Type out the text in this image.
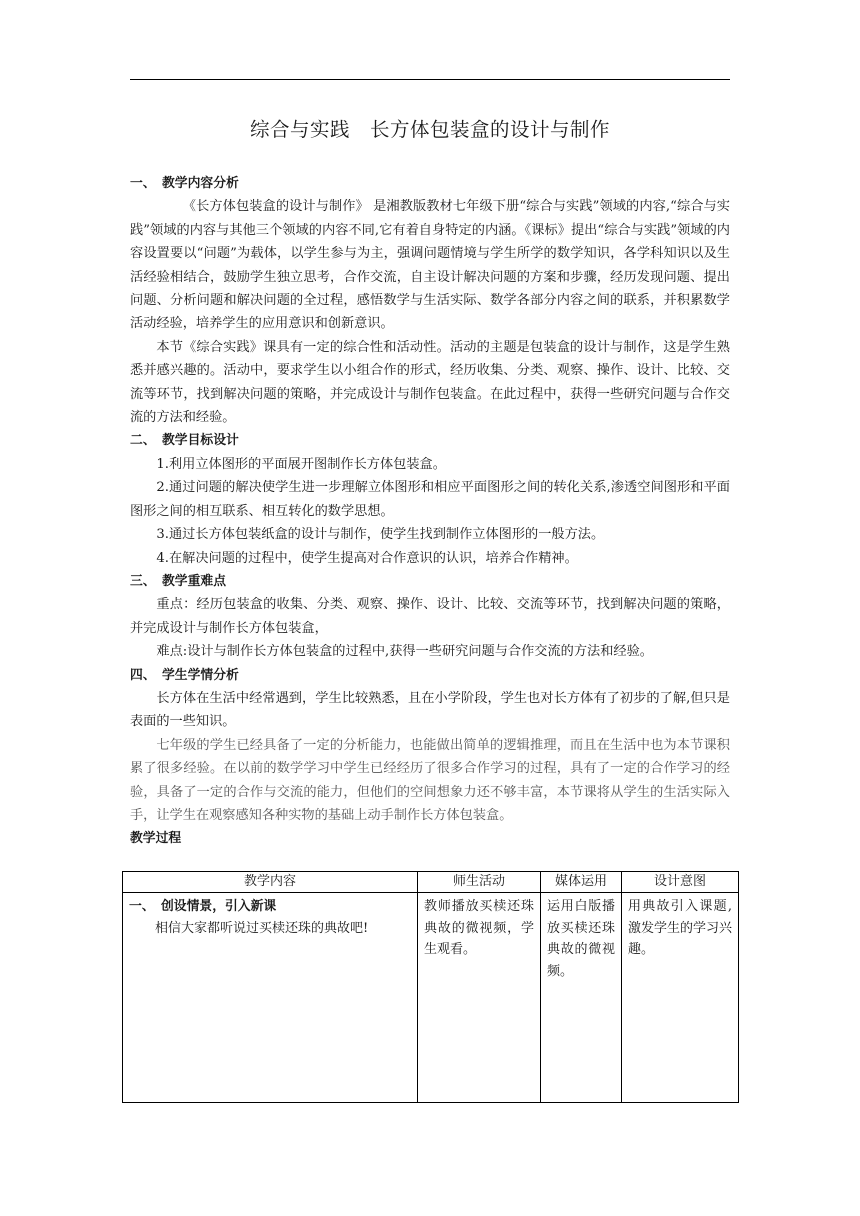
综合与实践　长方体包装盒的设计与制作

一、 教学内容分析

《长方体包装盒的设计与制作》 是湘教版教材七年级下册“综合与实践”领域的内容,“综合与实践”领域的内容与其他三个领域的内容不同,它有着自身特定的内涵。《课标》提出“综合与实践”领域的内容设置要以“问题”为载体，以学生参与为主，强调问题情境与学生所学的数学知识，各学科知识以及生活经验相结合，鼓励学生独立思考，合作交流，自主设计解决问题的方案和步骤，经历发现问题、提出问题、分析问题和解决问题的全过程，感悟数学与生活实际、数学各部分内容之间的联系，并积累数学活动经验，培养学生的应用意识和创新意识。

本节《综合实践》课具有一定的综合性和活动性。活动的主题是包装盒的设计与制作，这是学生熟悉并感兴趣的。活动中，要求学生以小组合作的形式，经历收集、分类、观察、操作、设计、比较、交流等环节，找到解决问题的策略，并完成设计与制作包装盒。在此过程中，获得一些研究问题与合作交流的方法和经验。

二、 教学目标设计

1.利用立体图形的平面展开图制作长方体包装盒。

2.通过问题的解决使学生进一步理解立体图形和相应平面图形之间的转化关系,渗透空间图形和平面图形之间的相互联系、相互转化的数学思想。

3.通过长方体包装纸盒的设计与制作，使学生找到制作立体图形的一般方法。

4.在解决问题的过程中，使学生提高对合作意识的认识，培养合作精神。

三、 教学重难点

重点：经历包装盒的收集、分类、观察、操作、设计、比较、交流等环节，找到解决问题的策略，并完成设计与制作长方体包装盒，

难点:设计与制作长方体包装盒的过程中,获得一些研究问题与合作交流的方法和经验。

四、 学生学情分析

长方体在生活中经常遇到，学生比较熟悉，且在小学阶段，学生也对长方体有了初步的了解,但只是表面的一些知识。

七年级的学生已经具备了一定的分析能力，也能做出简单的逻辑推理，而且在生活中也为本节课积累了很多经验。在以前的数学学习中学生已经经历了很多合作学习的过程，具有了一定的合作学习的经验，具备了一定的合作与交流的能力，但他们的空间想象力还不够丰富，本节课将从学生的生活实际入手，让学生在观察感知各种实物的基础上动手制作长方体包装盒。

教学过程

教学内容	师生活动	媒体运用	设计意图

一、 创设情景，引入新课
相信大家都听说过买椟还珠的典故吧!	教师播放买椟还珠典故的微视频，学生观看。	运用白版播放买椟还珠典故的微视频。	用典故引入课题,激发学生的学习兴趣。
